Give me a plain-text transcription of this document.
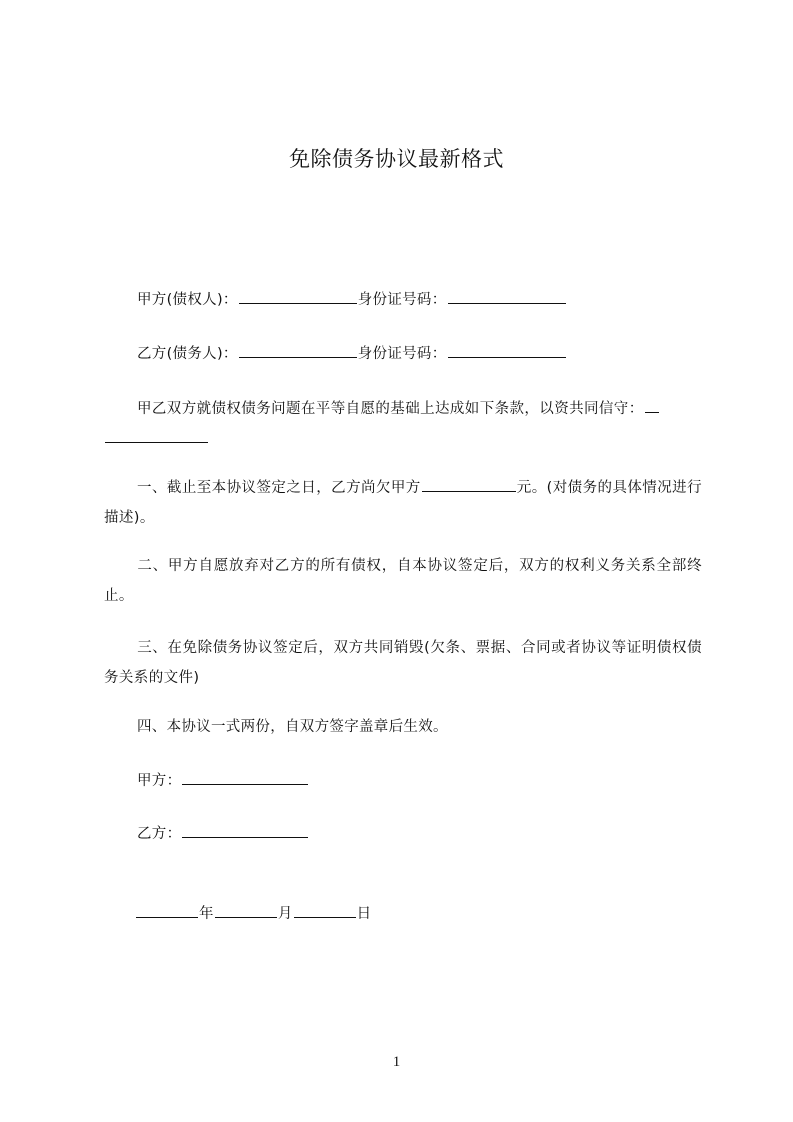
免除债务协议最新格式
甲方(债权人)：	身份证号码：
乙方(债务人)：	身份证号码：
甲乙双方就债权债务问题在平等自愿的基础上达成如下条款，以资共同信守：

一、截止至本协议签定之日，乙方尚欠甲方	元。(对债务的具体情况进行描述)。
二、甲方自愿放弃对乙方的所有债权，自本协议签定后，双方的权利义务关系全部终止。
三、在免除债务协议签定后，双方共同销毁(欠条、票据、合同或者协议等证明债权债务关系的文件)
四、本协议一式两份，自双方签字盖章后生效。
甲方：
乙方：
年	月	日
1
